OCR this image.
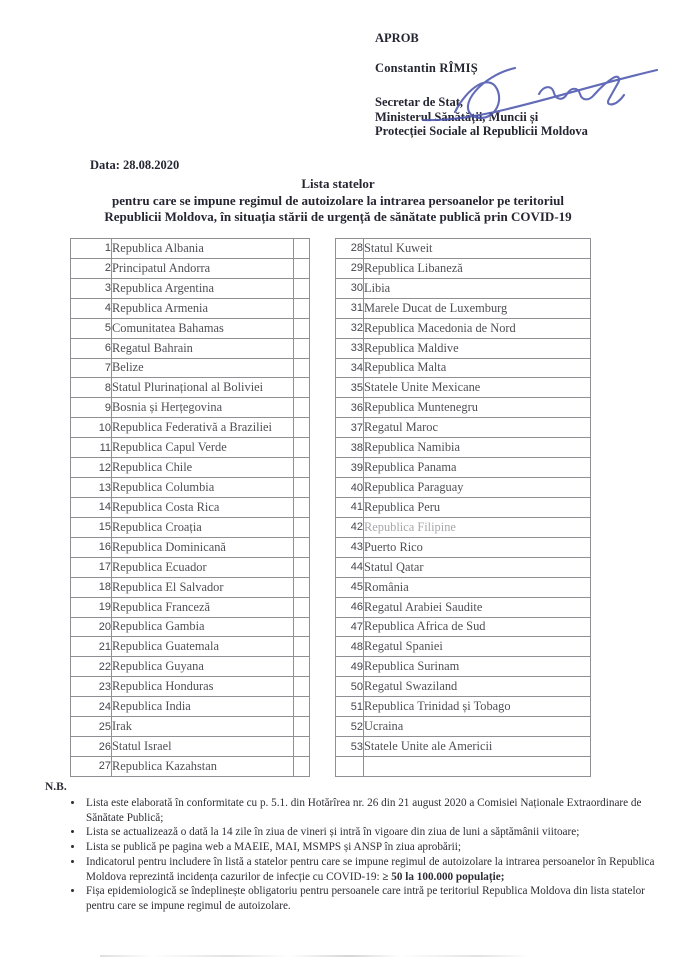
APROB
Constantin RÎMIȘ
Secretar de Stat,
Ministerul Sănătății, Muncii și
Protecției Sociale al Republicii Moldova
Data: 28.08.2020
Lista statelor
pentru care se impune regimul de autoizolare la intrarea persoanelor pe teritoriul
Republicii Moldova, în situația stării de urgență de sănătate publică prin COVID-19
1	Republica Albania	
2	Principatul Andorra	
3	Republica Argentina	
4	Republica Armenia	
5	Comunitatea Bahamas	
6	Regatul Bahrain	
7	Belize	
8	Statul Plurinațional al Boliviei	
9	Bosnia și Herțegovina	
10	Republica Federativă a Braziliei	
11	Republica Capul Verde	
12	Republica Chile	
13	Republica Columbia	
14	Republica Costa Rica	
15	Republica Croația	
16	Republica Dominicană	
17	Republica Ecuador	
18	Republica El Salvador	
19	Republica Franceză	
20	Republica Gambia	
21	Republica Guatemala	
22	Republica Guyana	
23	Republica Honduras	
24	Republica India	
25	Irak	
26	Statul Israel	
27	Republica Kazahstan	
28	Statul Kuweit
29	Republica Libaneză
30	Libia
31	Marele Ducat de Luxemburg
32	Republica Macedonia de Nord
33	Republica Maldive
34	Republica Malta
35	Statele Unite Mexicane
36	Republica Muntenegru
37	Regatul Maroc
38	Republica Namibia
39	Republica Panama
40	Republica Paraguay
41	Republica Peru
42	Republica Filipine
43	Puerto Rico
44	Statul Qatar
45	România
46	Regatul Arabiei Saudite
47	Republica Africa de Sud
48	Regatul Spaniei
49	Republica Surinam
50	Regatul Swaziland
51	Republica Trinidad și Tobago
52	Ucraina
53	Statele Unite ale Americii

N.B.
• Lista este elaborată în conformitate cu p. 5.1. din Hotărîrea nr. 26 din 21 august 2020 a Comisiei Naționale Extraordinare de Sănătate Publică;
• Lista se actualizează o dată la 14 zile în ziua de vineri și intră în vigoare din ziua de luni a săptămânii viitoare;
• Lista se publică pe pagina web a MAEIE, MAI, MSMPS și ANSP în ziua aprobării;
• Indicatorul pentru includere în listă a statelor pentru care se impune regimul de autoizolare la intrarea persoanelor în Republica Moldova reprezintă incidența cazurilor de infecție cu COVID-19: ≥ 50 la 100.000 populație;
• Fișa epidemiologică se îndeplinește obligatoriu pentru persoanele care intră pe teritoriul Republica Moldova din lista statelor pentru care se impune regimul de autoizolare.
